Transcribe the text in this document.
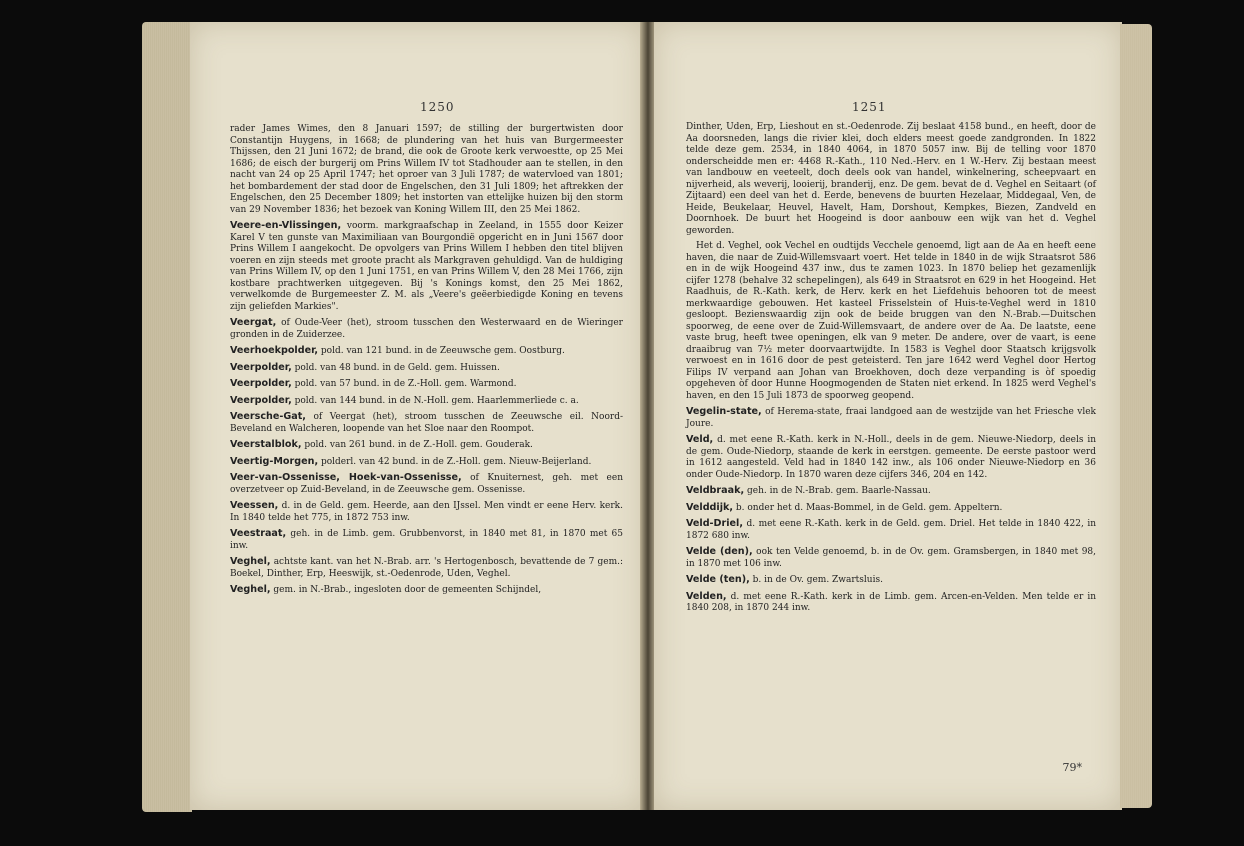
1250

rader James Wimes, den 8 Januari 1597; de stilling der burgertwisten door Constantijn Huygens, in 1668; de plundering van het huis van Burgermeester Thijssen, den 21 Juni 1672; de brand, die ook de Groote kerk verwoestte, op 25 Mei 1686; de eisch der burgerij om Prins Willem IV tot Stadhouder aan te stellen, in den nacht van 24 op 25 April 1747; het oproer van 3 Juli 1787; de watervloed van 1801; het bombardement der stad door de Engelschen, den 31 Juli 1809; het aftrekken der Engelschen, den 25 December 1809; het instorten van ettelijke huizen bij den storm van 29 November 1836; het bezoek van Koning Willem III, den 25 Mei 1862.

Veere-en-Vlissingen, voorm. markgraafschap in Zeeland, in 1555 door Keizer Karel V ten gunste van Maximiliaan van Bourgondië opgericht en in Juni 1567 door Prins Willem I aangekocht. De opvolgers van Prins Willem I hebben den titel blijven voeren en zijn steeds met groote pracht als Markgraven gehuldigd. Van de huldiging van Prins Willem IV, op den 1 Juni 1751, en van Prins Willem V, den 28 Mei 1766, zijn kostbare prachtwerken uitgegeven. Bij 's Konings komst, den 25 Mei 1862, verwelkomde de Burgemeester Z. M. als „Veere's geëerbiedigde Koning en tevens zijn geliefden Markies".

Veergat, of Oude-Veer (het), stroom tusschen den Westerwaard en de Wieringer gronden in de Zuiderzee.

Veerhoekpolder, pold. van 121 bund. in de Zeeuwsche gem. Oostburg.

Veerpolder, pold. van 48 bund. in de Geld. gem. Huissen.

Veerpolder, pold. van 57 bund. in de Z.-Holl. gem. Warmond.

Veerpolder, pold. van 144 bund. in de N.-Holl. gem. Haarlemmerliede c. a.

Veersche-Gat, of Veergat (het), stroom tusschen de Zeeuwsche eil. Noord-Beveland en Walcheren, loopende van het Sloe naar den Roompot.

Veerstalblok, pold. van 261 bund. in de Z.-Holl. gem. Gouderak.

Veertig-Morgen, polderl. van 42 bund. in de Z.-Holl. gem. Nieuw-Beijerland.

Veer-van-Ossenisse, Hoek-van-Ossenisse, of Knuiternest, geh. met een overzetveer op Zuid-Beveland, in de Zeeuwsche gem. Ossenisse.

Veessen, d. in de Geld. gem. Heerde, aan den IJssel. Men vindt er eene Herv. kerk. In 1840 telde het 775, in 1872 753 inw.

Veestraat, geh. in de Limb. gem. Grubbenvorst, in 1840 met 81, in 1870 met 65 inw.

Veghel, achtste kant. van het N.-Brab. arr. 's Hertogenbosch, bevattende de 7 gem.: Boekel, Dinther, Erp, Heeswijk, st.-Oedenrode, Uden, Veghel.

Veghel, gem. in N.-Brab., ingesloten door de gemeenten Schijndel,

1251

Dinther, Uden, Erp, Lieshout en st.-Oedenrode. Zij beslaat 4158 bund., en heeft, door de Aa doorsneden, langs die rivier klei, doch elders meest goede zandgronden. In 1822 telde deze gem. 2534, in 1840 4064, in 1870 5057 inw. Bij de telling voor 1870 onderscheidde men er: 4468 R.-Kath., 110 Ned.-Herv. en 1 W.-Herv. Zij bestaan meest van landbouw en veeteelt, doch deels ook van handel, winkelnering, scheepvaart en nijverheid, als weverij, looierij, branderij, enz. De gem. bevat de d. Veghel en Seitaart (of Zijtaard) een deel van het d. Eerde, benevens de buurten Hezelaar, Middegaal, Ven, de Heide, Beukelaar, Heuvel, Havelt, Ham, Dorshout, Kempkes, Biezen, Zandveld en Doornhoek. De buurt het Hoogeind is door aanbouw een wijk van het d. Veghel geworden.

Het d. Veghel, ook Vechel en oudtijds Vecchele genoemd, ligt aan de Aa en heeft eene haven, die naar de Zuid-Willemsvaart voert. Het telde in 1840 in de wijk Straatsrot 586 en in de wijk Hoogeind 437 inw., dus te zamen 1023. In 1870 beliep het gezamenlijk cijfer 1278 (behalve 32 schepelingen), als 649 in Straatsrot en 629 in het Hoogeind. Het Raadhuis, de R.-Kath. kerk, de Herv. kerk en het Liefdehuis behooren tot de meest merkwaardige gebouwen. Het kasteel Frisselstein of Huis-te-Veghel werd in 1810 gesloopt. Bezienswaardig zijn ook de beide bruggen van den N.-Brab.—Duitschen spoorweg, de eene over de Zuid-Willemsvaart, de andere over de Aa. De laatste, eene vaste brug, heeft twee openingen, elk van 9 meter. De andere, over de vaart, is eene draaibrug van 7½ meter doorvaartwijdte. In 1583 is Veghel door Staatsch krijgsvolk verwoest en in 1616 door de pest geteisterd. Ten jare 1642 werd Veghel door Hertog Filips IV verpand aan Johan van Broekhoven, doch deze verpanding is òf spoedig opgeheven òf door Hunne Hoogmogenden de Staten niet erkend. In 1825 werd Veghel's haven, en den 15 Juli 1873 de spoorweg geopend.

Vegelin-state, of Herema-state, fraai landgoed aan de westzijde van het Friesche vlek Joure.

Veld, d. met eene R.-Kath. kerk in N.-Holl., deels in de gem. Nieuwe-Niedorp, deels in de gem. Oude-Niedorp, staande de kerk in eerstgen. gemeente. De eerste pastoor werd in 1612 aangesteld. Veld had in 1840 142 inw., als 106 onder Nieuwe-Niedorp en 36 onder Oude-Niedorp. In 1870 waren deze cijfers 346, 204 en 142.

Veldbraak, geh. in de N.-Brab. gem. Baarle-Nassau.

Velddijk, b. onder het d. Maas-Bommel, in de Geld. gem. Appeltern.

Veld-Driel, d. met eene R.-Kath. kerk in de Geld. gem. Driel. Het telde in 1840 422, in 1872 680 inw.

Velde (den), ook ten Velde genoemd, b. in de Ov. gem. Gramsbergen, in 1840 met 98, in 1870 met 106 inw.

Velde (ten), b. in de Ov. gem. Zwartsluis.

Velden, d. met eene R.-Kath. kerk in de Limb. gem. Arcen-en-Velden. Men telde er in 1840 208, in 1870 244 inw.

79*
